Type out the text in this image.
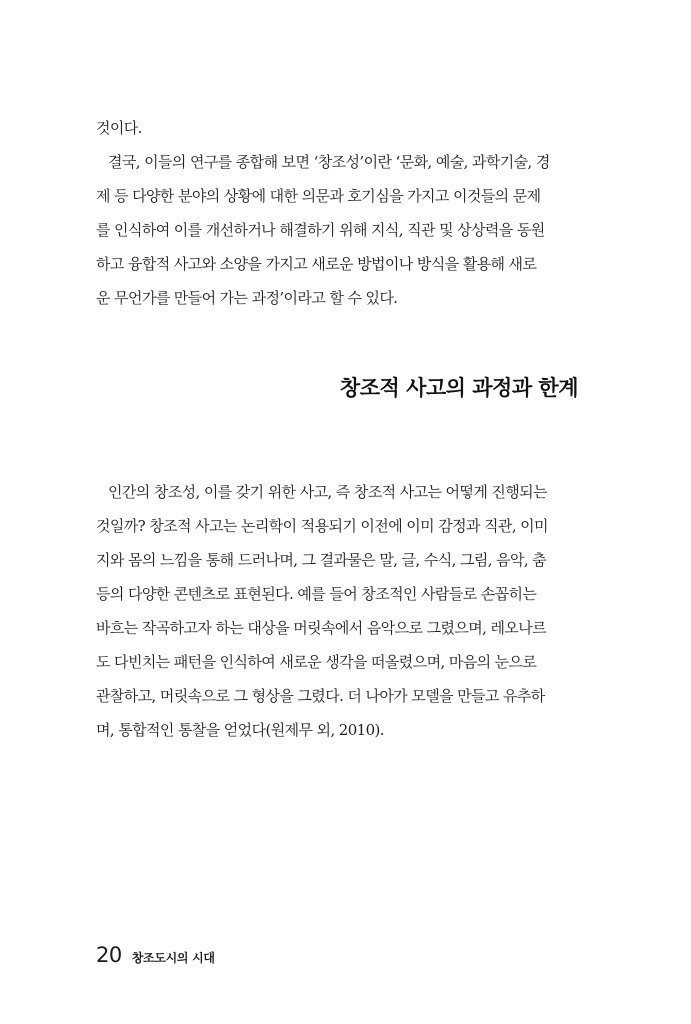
것이다.
결국, 이들의 연구를 종합해 보면 ‘창조성’이란 ‘문화, 예술, 과학기술, 경
제 등 다양한 분야의 상황에 대한 의문과 호기심을 가지고 이것들의 문제
를 인식하여 이를 개선하거나 해결하기 위해 지식, 직관 및 상상력을 동원
하고 융합적 사고와 소양을 가지고 새로운 방법이나 방식을 활용해 새로
운 무언가를 만들어 가는 과정’이라고 할 수 있다.
창조적 사고의 과정과 한계
인간의 창조성, 이를 갖기 위한 사고, 즉 창조적 사고는 어떻게 진행되는
것일까? 창조적 사고는 논리학이 적용되기 이전에 이미 감정과 직관, 이미
지와 몸의 느낌을 통해 드러나며, 그 결과물은 말, 글, 수식, 그림, 음악, 춤
등의 다양한 콘텐츠로 표현된다. 예를 들어 창조적인 사람들로 손꼽히는
바흐는 작곡하고자 하는 대상을 머릿속에서 음악으로 그렸으며, 레오나르
도 다빈치는 패턴을 인식하여 새로운 생각을 떠올렸으며, 마음의 눈으로
관찰하고, 머릿속으로 그 형상을 그렸다. 더 나아가 모델을 만들고 유추하
며, 통합적인 통찰을 얻었다(원제무 외, 2010).
20 창조도시의 시대
